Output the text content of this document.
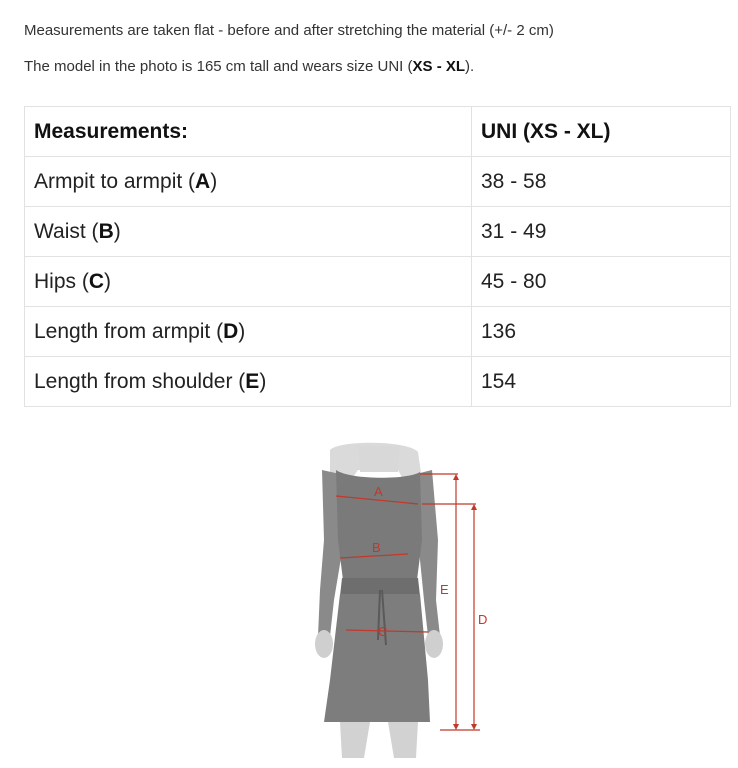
Measurements are taken flat - before and after stretching the material (+/- 2 cm)
The model in the photo is 165 cm tall and wears size UNI (XS - XL).
Measurements:	UNI (XS - XL)
Armpit to armpit (A)	38 - 58
Waist (B)	31 - 49
Hips (C)	45 - 80
Length from armpit (D)	136
Length from shoulder (E)	154
A
B
C
E
D
